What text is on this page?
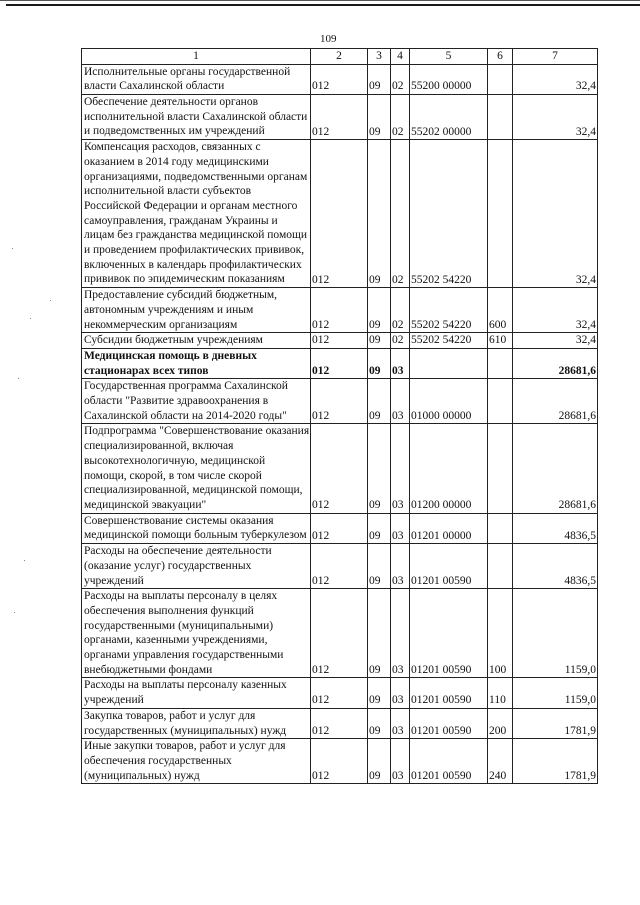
109
1	2	3	4	5	6	7
Исполнительные органы государственной власти Сахалинской области	012	09	02	55200 00000		32,4
Обеспечение деятельности органов исполнительной власти Сахалинской области и подведомственных им учреждений	012	09	02	55202 00000		32,4
Компенсация расходов, связанных с оказанием в 2014 году медицинскими организациями, подведомственными органам исполнительной власти субъектов Российской Федерации и органам местного самоуправления, гражданам Украины и лицам без гражданства медицинской помощи и проведением профилактических прививок, включенных в календарь профилактических прививок по эпидемическим показаниям	012	09	02	55202 54220		32,4
Предоставление субсидий бюджетным, автономным учреждениям и иным некоммерческим организациям	012	09	02	55202 54220	600	32,4
Субсидии бюджетным учреждениям	012	09	02	55202 54220	610	32,4
Медицинская помощь в дневных стационарах всех типов	012	09	03			28681,6
Государственная программа Сахалинской области "Развитие здравоохранения в Сахалинской области на 2014-2020 годы"	012	09	03	01000 00000		28681,6
Подпрограмма "Совершенствование оказания специализированной, включая высокотехнологичную, медицинской помощи, скорой, в том числе скорой специализированной, медицинской помощи, медицинской эвакуации"	012	09	03	01200 00000		28681,6
Совершенствование системы оказания медицинской помощи больным туберкулезом	012	09	03	01201 00000		4836,5
Расходы на обеспечение деятельности (оказание услуг) государственных учреждений	012	09	03	01201 00590		4836,5
Расходы на выплаты персоналу в целях обеспечения выполнения функций государственными (муниципальными) органами, казенными учреждениями, органами управления государственными внебюджетными фондами	012	09	03	01201 00590	100	1159,0
Расходы на выплаты персоналу казенных учреждений	012	09	03	01201 00590	110	1159,0
Закупка товаров, работ и услуг для государственных (муниципальных) нужд	012	09	03	01201 00590	200	1781,9
Иные закупки товаров, работ и услуг для обеспечения государственных (муниципальных) нужд	012	09	03	01201 00590	240	1781,9
